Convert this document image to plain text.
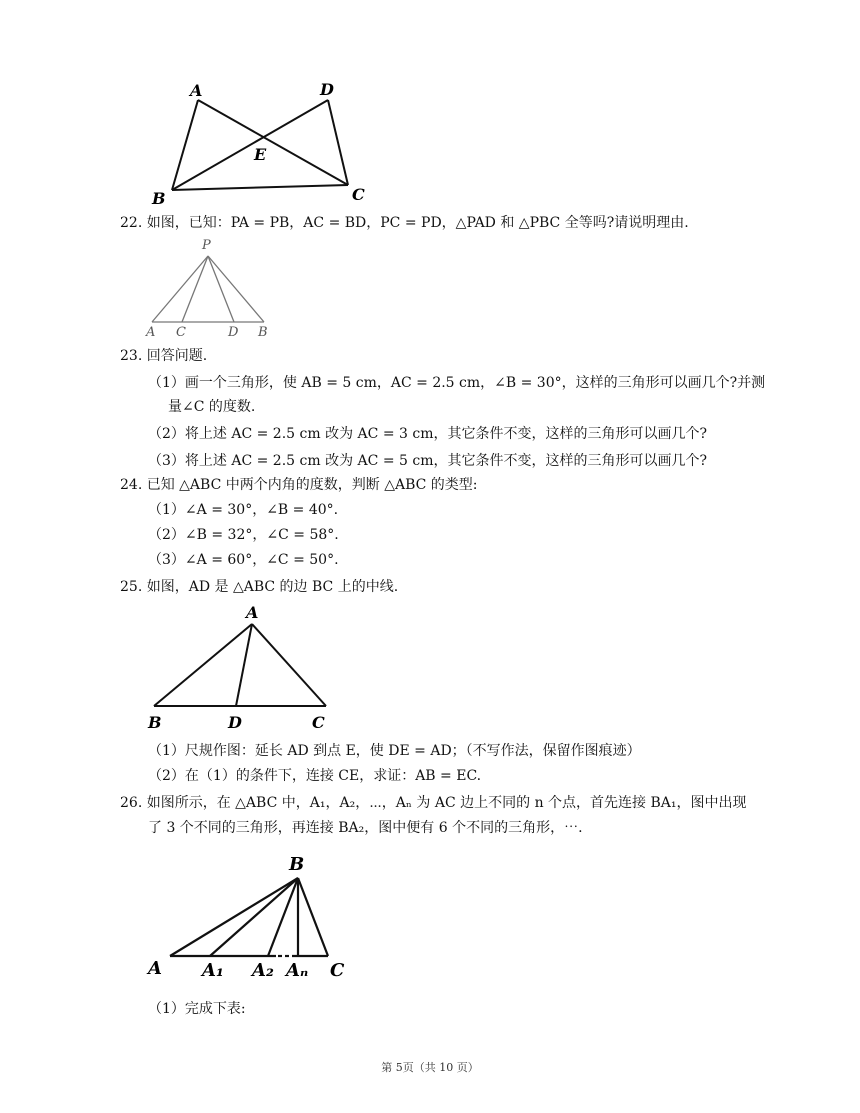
A	D
E
B	C
22. 如图，已知：PA = PB，AC = BD，PC = PD，△PAD 和 △PBC 全等吗?请说明理由.
P
A C	D B
23. 回答问题.
（1）画一个三角形，使 AB = 5 cm，AC = 2.5 cm，∠B = 30°，这样的三角形可以画几个?并测
量∠C 的度数.
（2）将上述 AC = 2.5 cm 改为 AC = 3 cm，其它条件不变，这样的三角形可以画几个?
（3）将上述 AC = 2.5 cm 改为 AC = 5 cm，其它条件不变，这样的三角形可以画几个?
24. 已知 △ABC 中两个内角的度数，判断 △ABC 的类型:
（1）∠A = 30°，∠B = 40°.
（2）∠B = 32°，∠C = 58°.
（3）∠A = 60°，∠C = 50°.
25. 如图，AD 是 △ABC 的边 BC 上的中线.
A
B	D	C
（1）尺规作图：延长 AD 到点 E，使 DE = AD；（不写作法，保留作图痕迹）
（2）在（1）的条件下，连接 CE，求证：AB = EC.
26. 如图所示，在 △ABC 中，A₁，A₂，⋯，Aₙ 为 AC 边上不同的 n 个点，首先连接 BA₁，图中出现
了 3 个不同的三角形，再连接 BA₂，图中便有 6 个不同的三角形，⋯.
B
A A₁ A₂ Aₙ C
（1）完成下表:
第 5页（共 10 页）
